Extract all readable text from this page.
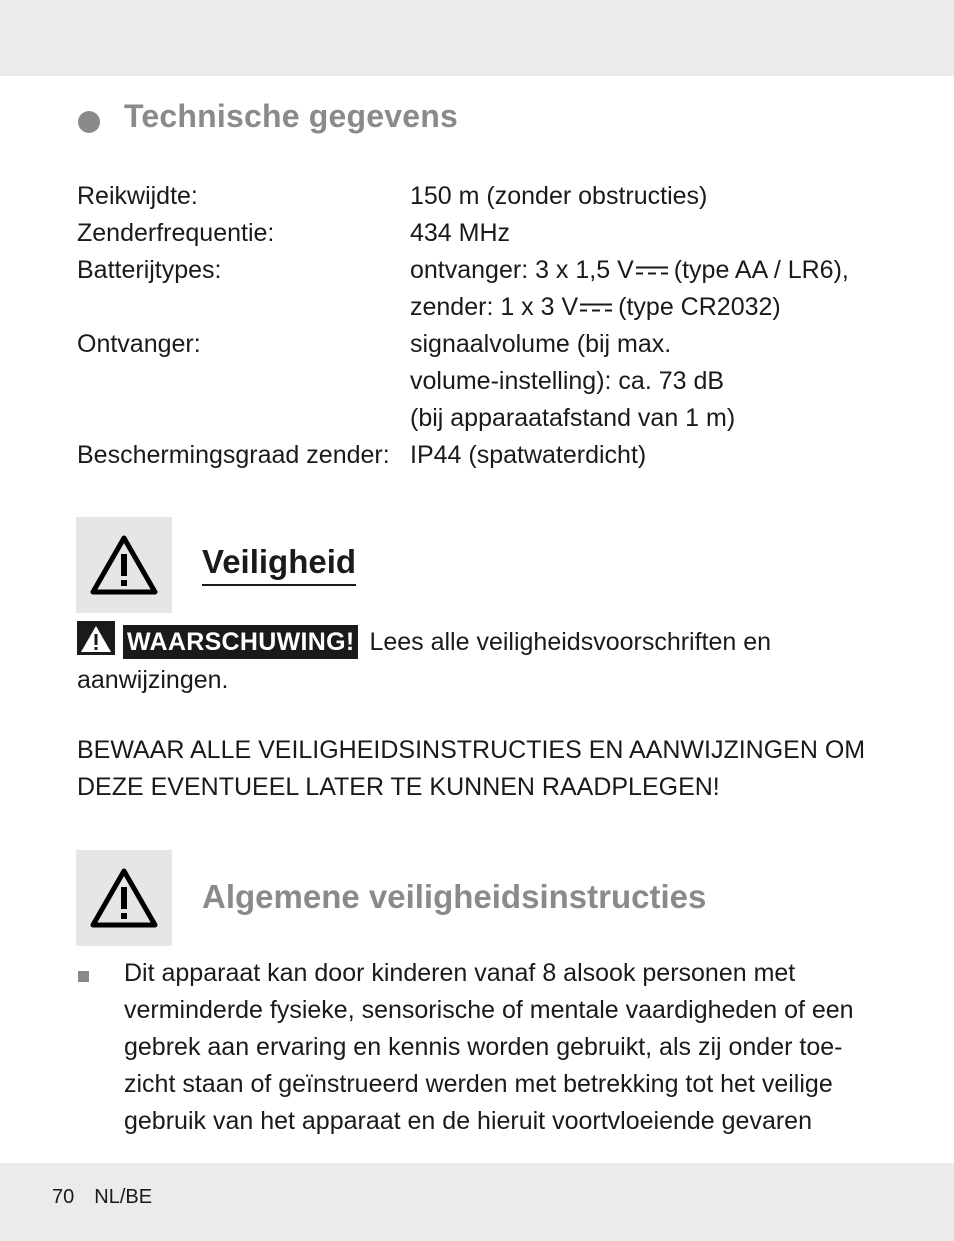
Technische gegevens
Reikwijdte:	150 m (zonder obstructies)
Zenderfrequentie:	434 MHz
Batterijtypes:	ontvanger: 3 x 1,5 V (type AA / LR6),
zender: 1 x 3 V (type CR2032)
Ontvanger:	signaalvolume (bij max.
volume-instelling): ca. 73 dB
(bij apparaatafstand van 1 m)
Beschermingsgraad zender: IP44 (spatwaterdicht)
Veiligheid
WAARSCHUWING! Lees alle veiligheidsvoorschriften en aanwijzingen.
BEWAAR ALLE VEILIGHEIDSINSTRUCTIES EN AANWIJZINGEN OM DEZE EVENTUEEL LATER TE KUNNEN RAADPLEGEN!
Algemene veiligheidsinstructies
Dit apparaat kan door kinderen vanaf 8 alsook personen met verminderde fysieke, sensorische of mentale vaardigheden of een gebrek aan ervaring en kennis worden gebruikt, als zij onder toe-zicht staan of geïnstrueerd werden met betrekking tot het veilige gebruik van het apparaat en de hieruit voortvloeiende gevaren
70 NL/BE
